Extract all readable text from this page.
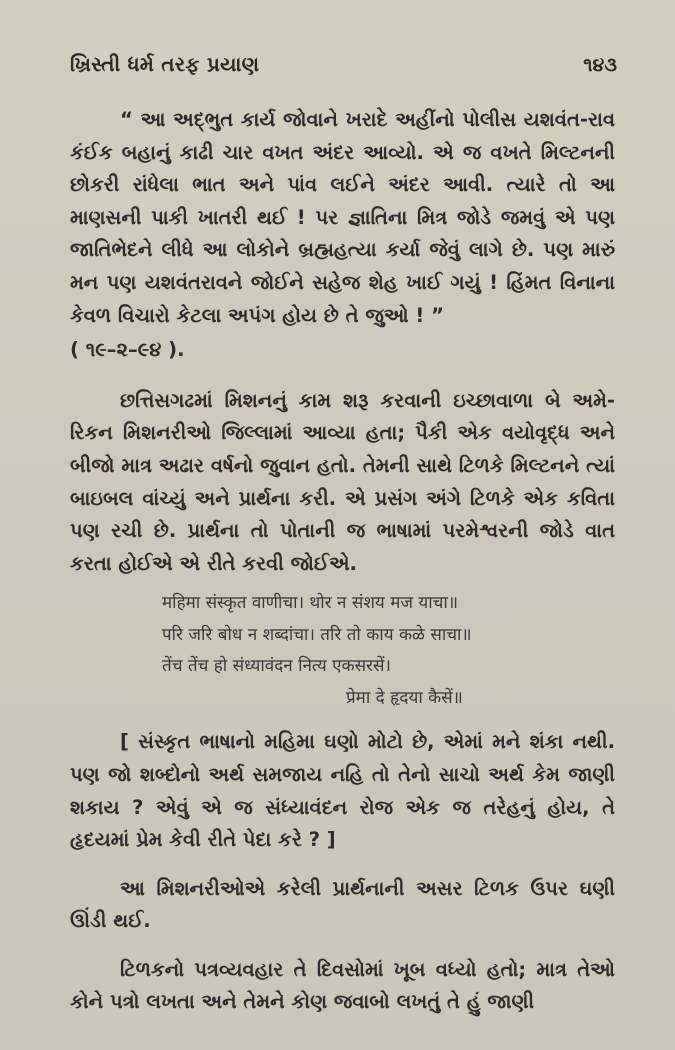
ખ્રિસ્તી ધર્મ તરફ પ્રયાણ	૧૪૩

“ આ અદ્ભુત કાર્ય જોવાને ખરાદે અહીંનો પોલીસ યશવંત-રાવ કંઈક બહાનું કાઢી ચાર વખત અંદર આવ્યો. એ જ વખતે મિલ્ટનની છોકરી રાંધેલા ભાત અને પાંવ લઈને અંદર આવી. ત્યારે તો આ માણસની પાકી ખાતરી થઈ ! પર જ્ઞાતિના મિત્ર જોડે જમવું એ પણ જાતિભેદને લીધે આ લોકોને બ્રહ્મહત્યા કર્યા જેવું લાગે છે. પણ મારું મન પણ યશવંતરાવને જોઈને સહેજ શેહ ખાઈ ગયું ! હિંમત વિનાના કેવળ વિચારો કેટલા અપંગ હોય છે તે જુઓ ! ”

( ૧૯–૨–૯૪ ).

છત્તિસગઢમાં મિશનનું કામ શરૂ કરવાની ઇચ્છાવાળા બે અમે-રિકન મિશનરીઓ જિલ્લામાં આવ્યા હતા; પૈકી એક વયોવૃદ્ધ અને બીજો માત્ર અઢાર વર્ષનો જુવાન હતો. તેમની સાથે ટિળકે મિલ્ટનને ત્યાં બાઇબલ વાંચ્યું અને પ્રાર્થના કરી. એ પ્રસંગ અંગે ટિળકે એક કવિતા પણ રચી છે. પ્રાર્થના તો પોતાની જ ભાષામાં પરમેશ્વરની જોડે વાત કરતા હોઈએ એ રીતે કરવી જોઈએ.

महिमा संस्कृत वाणीचा। थोर न संशय मज याचा॥

परि जरि बोध न शब्दांचा। तरि तो काय कळे साचा॥

तेंच तेंच हो संध्यावंदन नित्य एकसरसें।

प्रेमा दे हृदया कैसें॥

[ સંસ્કૃત ભાષાનો મહિમા ઘણો મોટો છે, એમાં મને શંકા નથી. પણ જો શબ્દોનો અર્થ સમજાય નહિ તો તેનો સાચો અર્થ કેમ જાણી શકાય ? એવું એ જ સંધ્યાવંદન રોજ એક જ તરેહનું હોય, તે હૃદયમાં પ્રેમ કેવી રીતે પેદા કરે ? ]

આ મિશનરીઓએ કરેલી પ્રાર્થનાની અસર ટિળક ઉપર ઘણી ઊંડી થઈ.

ટિળકનો પત્રવ્યવહાર તે દિવસોમાં ખૂબ વધ્યો હતો; માત્ર તેઓ કોને પત્રો લખતા અને તેમને કોણ જવાબો લખતું તે હું જાણી
